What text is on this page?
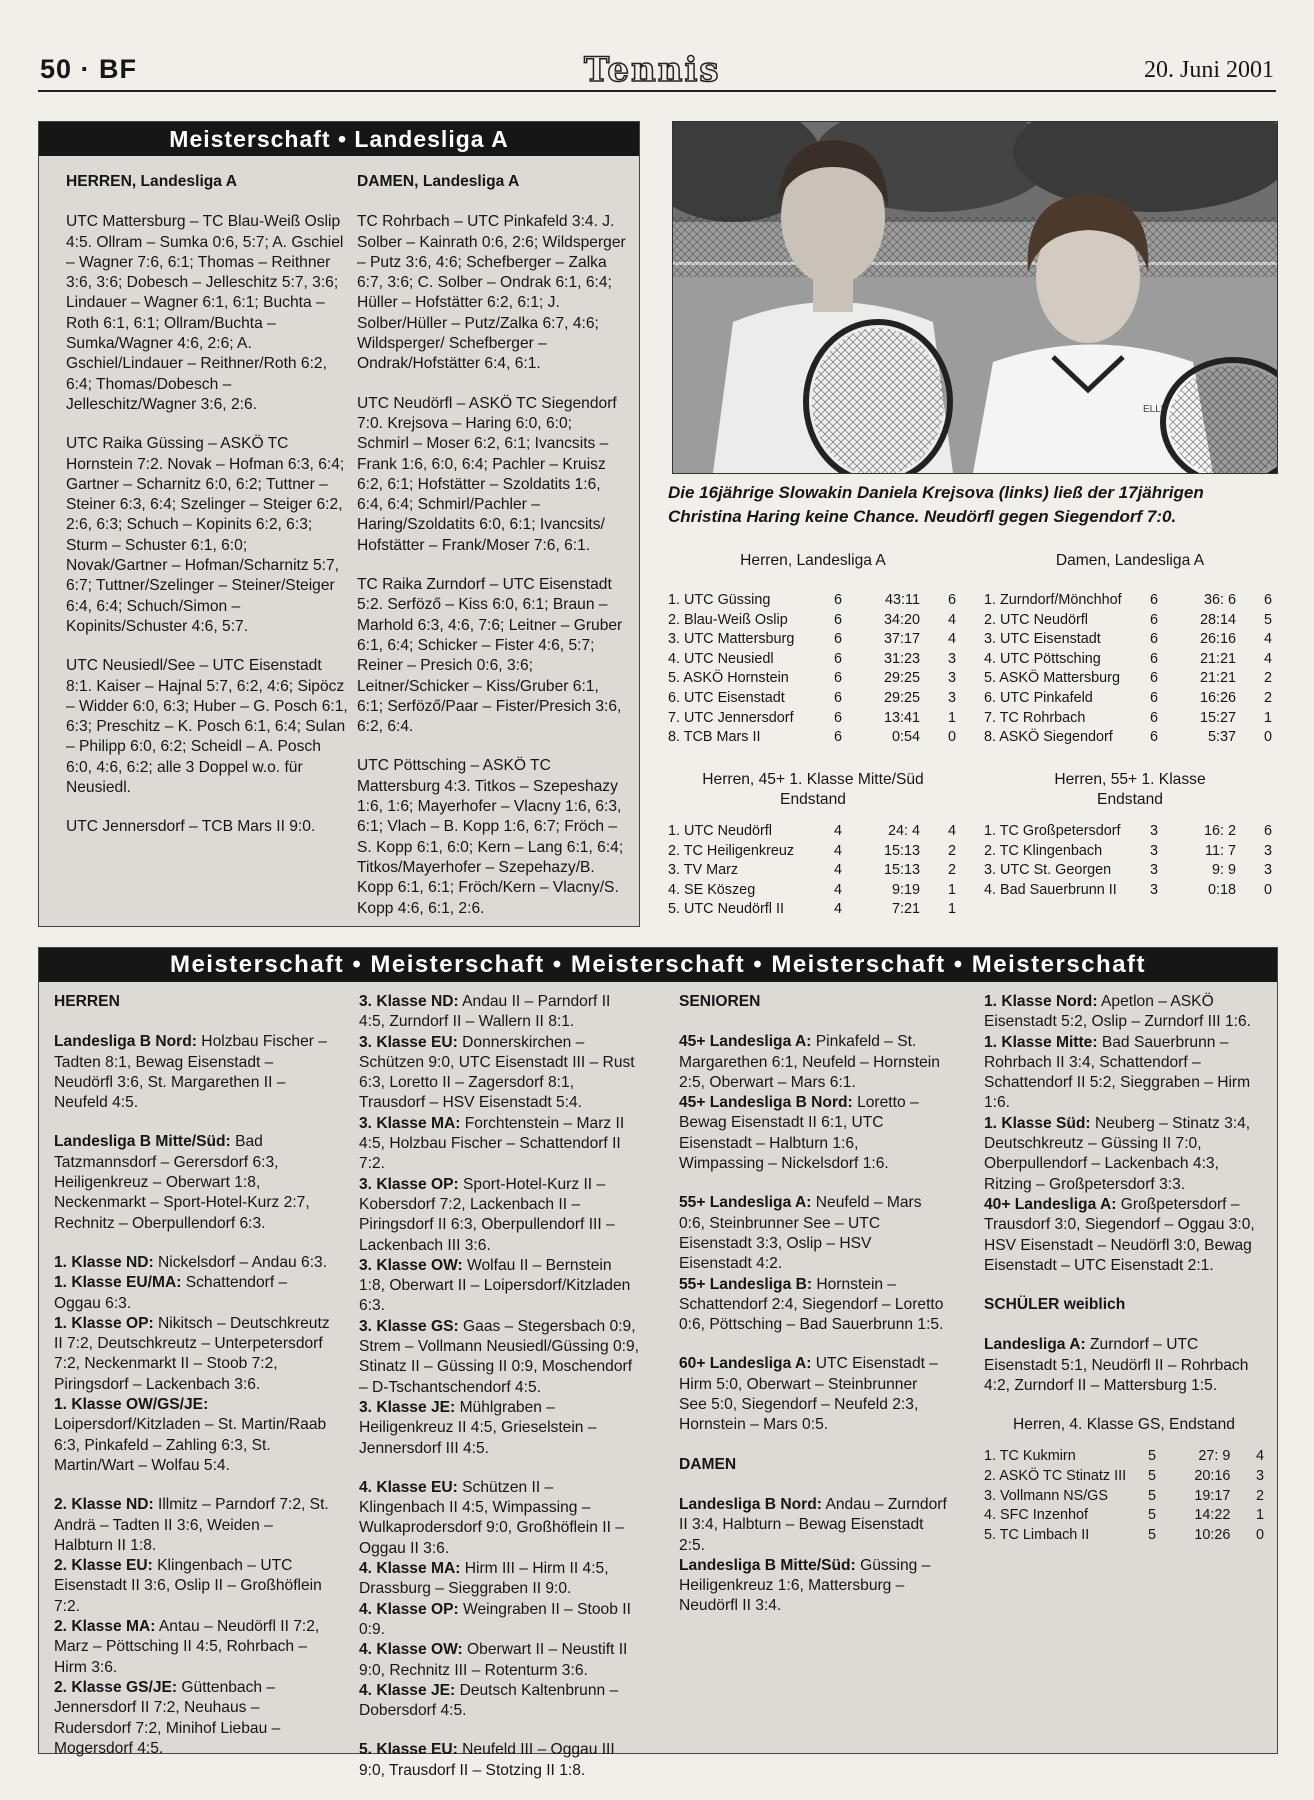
50 · BF	Tennis	20. Juni 2001
Meisterschaft • Landesliga A
HERREN, Landesliga A

UTC Mattersburg – TC Blau-Weiß Oslip 4:5. Ollram – Sumka 0:6, 5:7; A. Gschiel – Wagner 7:6, 6:1; Thomas – Reithner 3:6, 3:6; Dobesch – Jelleschitz 5:7, 3:6; Lindauer – Wagner 6:1, 6:1; Buchta – Roth 6:1, 6:1; Ollram/Buchta – Sumka/Wagner 4:6, 2:6; A. Gschiel/Lindauer – Reithner/Roth 6:2, 6:4; Thomas/Dobesch – Jelleschitz/Wagner 3:6, 2:6.

UTC Raika Güssing – ASKÖ TC Hornstein 7:2. Novak – Hofman 6:3, 6:4; Gartner – Scharnitz 6:0, 6:2; Tuttner – Steiner 6:3, 6:4; Szelinger – Steiger 6:2, 2:6, 6:3; Schuch – Kopinits 6:2, 6:3; Sturm – Schuster 6:1, 6:0; Novak/Gartner – Hofman/Scharnitz 5:7, 6:7; Tuttner/Szelinger – Steiner/Steiger 6:4, 6:4; Schuch/Simon – Kopinits/Schuster 4:6, 5:7.

UTC Neusiedl/See – UTC Eisenstadt 8:1. Kaiser – Hajnal 5:7, 6:2, 4:6; Sipöcz – Widder 6:0, 6:3; Huber – G. Posch 6:1, 6:3; Preschitz – K. Posch 6:1, 6:4; Sulan – Philipp 6:0, 6:2; Scheidl – A. Posch 6:0, 4:6, 6:2; alle 3 Doppel w.o. für Neusiedl.

UTC Jennersdorf – TCB Mars II 9:0.

DAMEN, Landesliga A

TC Rohrbach – UTC Pinkafeld 3:4. J. Solber – Kainrath 0:6, 2:6; Wildsperger – Putz 3:6, 4:6; Schefberger – Zalka 6:7, 3:6; C. Solber – Ondrak 6:1, 6:4; Hüller – Hofstätter 6:2, 6:1; J. Solber/Hüller – Putz/Zalka 6:7, 4:6; Wildsperger/ Schefberger – Ondrak/Hofstätter 6:4, 6:1.

UTC Neudörfl – ASKÖ TC Siegendorf 7:0. Krejsova – Haring 6:0, 6:0; Schmirl – Moser 6:2, 6:1; Ivancsits – Frank 1:6, 6:0, 6:4; Pachler – Kruisz 6:2, 6:1; Hofstätter – Szoldatits 1:6, 6:4, 6:4; Schmirl/Pachler – Haring/Szoldatits 6:0, 6:1; Ivancsits/ Hofstätter – Frank/Moser 7:6, 6:1.

TC Raika Zurndorf – UTC Eisenstadt 5:2. Serföző – Kiss 6:0, 6:1; Braun – Marhold 6:3, 4:6, 7:6; Leitner – Gruber 6:1, 6:4; Schicker – Fister 4:6, 5:7; Reiner – Presich 0:6, 3:6; Leitner/Schicker – Kiss/Gruber 6:1, 6:1; Serföző/Paar – Fister/Presich 3:6, 6:2, 6:4.

UTC Pöttsching – ASKÖ TC Mattersburg 4:3. Titkos – Szepeshazy 1:6, 1:6; Mayerhofer – Vlacny 1:6, 6:3, 6:1; Vlach – B. Kopp 1:6, 6:7; Fröch – S. Kopp 6:1, 6:0; Kern – Lang 6:1, 6:4; Titkos/Mayerhofer – Szepehazy/B. Kopp 6:1, 6:1; Fröch/Kern – Vlacny/S. Kopp 4:6, 6:1, 2:6.

ELLE
Die 16jährige Slowakin Daniela Krejsova (links) ließ der 17jährigen Christina Haring keine Chance. Neudörfl gegen Siegendorf 7:0.
Herren, Landesliga A
1. UTC Güssing	6	43:11	6
2. Blau-Weiß Oslip	6	34:20	4
3. UTC Mattersburg	6	37:17	4
4. UTC Neusiedl	6	31:23	3
5. ASKÖ Hornstein	6	29:25	3
6. UTC Eisenstadt	6	29:25	3
7. UTC Jennersdorf	6	13:41	1
8. TCB Mars II	6	0:54	0
Damen, Landesliga A
1. Zurndorf/Mönchhof	6	36: 6	6
2. UTC Neudörfl	6	28:14	5
3. UTC Eisenstadt	6	26:16	4
4. UTC Pöttsching	6	21:21	4
5. ASKÖ Mattersburg	6	21:21	2
6. UTC Pinkafeld	6	16:26	2
7. TC Rohrbach	6	15:27	1
8. ASKÖ Siegendorf	6	5:37	0
Herren, 45+ 1. Klasse Mitte/Süd Endstand
1. UTC Neudörfl	4	24: 4	4
2. TC Heiligenkreuz	4	15:13	2
3. TV Marz	4	15:13	2
4. SE Köszeg	4	9:19	1
5. UTC Neudörfl II	4	7:21	1
Herren, 55+ 1. Klasse Endstand
1. TC Großpetersdorf	3	16: 2	6
2. TC Klingenbach	3	11: 7	3
3. UTC St. Georgen	3	9: 9	3
4. Bad Sauerbrunn II	3	0:18	0
Meisterschaft • Meisterschaft • Meisterschaft • Meisterschaft • Meisterschaft
HERREN

Landesliga B Nord: Holzbau Fischer – Tadten 8:1, Bewag Eisenstadt – Neudörfl 3:6, St. Margarethen II – Neufeld 4:5.

Landesliga B Mitte/Süd: Bad Tatzmannsdorf – Gerersdorf 6:3, Heiligenkreuz – Oberwart 1:8, Neckenmarkt – Sport-Hotel-Kurz 2:7, Rechnitz – Oberpullendorf 6:3.

1. Klasse ND: Nickelsdorf – Andau 6:3.

1. Klasse EU/MA: Schattendorf – Oggau 6:3.

1. Klasse OP: Nikitsch – Deutschkreutz II 7:2, Deutschkreutz – Unterpetersdorf 7:2, Neckenmarkt II – Stoob 7:2, Piringsdorf – Lackenbach 3:6.

1. Klasse OW/GS/JE: Loipersdorf/Kitzladen – St. Martin/Raab 6:3, Pinkafeld – Zahling 6:3, St. Martin/Wart – Wolfau 5:4.

2. Klasse ND: Illmitz – Parndorf 7:2, St. Andrä – Tadten II 3:6, Weiden – Halbturn II 1:8.

2. Klasse EU: Klingenbach – UTC Eisenstadt II 3:6, Oslip II – Großhöflein 7:2.

2. Klasse MA: Antau – Neudörfl II 7:2, Marz – Pöttsching II 4:5, Rohrbach – Hirm 3:6.

2. Klasse GS/JE: Güttenbach – Jennersdorf II 7:2, Neuhaus – Rudersdorf 7:2, Minihof Liebau – Mogersdorf 4:5.

3. Klasse ND: Andau II – Parndorf II 4:5, Zurndorf II – Wallern II 8:1.

3. Klasse EU: Donnerskirchen – Schützen 9:0, UTC Eisenstadt III – Rust 6:3, Loretto II – Zagersdorf 8:1, Trausdorf – HSV Eisenstadt 5:4.

3. Klasse MA: Forchtenstein – Marz II 4:5, Holzbau Fischer – Schattendorf II 7:2.

3. Klasse OP: Sport-Hotel-Kurz II – Kobersdorf 7:2, Lackenbach II – Piringsdorf II 6:3, Oberpullendorf III – Lackenbach III 3:6.

3. Klasse OW: Wolfau II – Bernstein 1:8, Oberwart II – Loipersdorf/Kitzladen 6:3.

3. Klasse GS: Gaas – Stegersbach 0:9, Strem – Vollmann Neusiedl/Güssing 0:9, Stinatz II – Güssing II 0:9, Moschendorf – D-Tschantschendorf 4:5.

3. Klasse JE: Mühlgraben – Heiligenkreuz II 4:5, Grieselstein – Jennersdorf III 4:5.

4. Klasse EU: Schützen II – Klingenbach II 4:5, Wimpassing – Wulkaprodersdorf 9:0, Großhöflein II – Oggau II 3:6.

4. Klasse MA: Hirm III – Hirm II 4:5, Drassburg – Sieggraben II 9:0.

4. Klasse OP: Weingraben II – Stoob II 0:9.

4. Klasse OW: Oberwart II – Neustift II 9:0, Rechnitz III – Rotenturm 3:6.

4. Klasse JE: Deutsch Kaltenbrunn – Dobersdorf 4:5.

5. Klasse EU: Neufeld III – Oggau III 9:0, Trausdorf II – Stotzing II 1:8.

SENIOREN

45+ Landesliga A: Pinkafeld – St. Margarethen 6:1, Neufeld – Hornstein 2:5, Oberwart – Mars 6:1.

45+ Landesliga B Nord: Loretto – Bewag Eisenstadt II 6:1, UTC Eisenstadt – Halbturn 1:6, Wimpassing – Nickelsdorf 1:6.

55+ Landesliga A: Neufeld – Mars 0:6, Steinbrunner See – UTC Eisenstadt 3:3, Oslip – HSV Eisenstadt 4:2.

55+ Landesliga B: Hornstein – Schattendorf 2:4, Siegendorf – Loretto 0:6, Pöttsching – Bad Sauerbrunn 1:5.

60+ Landesliga A: UTC Eisenstadt – Hirm 5:0, Oberwart – Steinbrunner See 5:0, Siegendorf – Neufeld 2:3, Hornstein – Mars 0:5.

DAMEN

Landesliga B Nord: Andau – Zurndorf II 3:4, Halbturn – Bewag Eisenstadt 2:5.

Landesliga B Mitte/Süd: Güssing – Heiligenkreuz 1:6, Mattersburg – Neudörfl II 3:4.

1. Klasse Nord: Apetlon – ASKÖ Eisenstadt 5:2, Oslip – Zurndorf III 1:6.

1. Klasse Mitte: Bad Sauerbrunn – Rohrbach II 3:4, Schattendorf – Schattendorf II 5:2, Sieggraben – Hirm 1:6.

1. Klasse Süd: Neuberg – Stinatz 3:4, Deutschkreutz – Güssing II 7:0, Oberpullendorf – Lackenbach 4:3, Ritzing – Großpetersdorf 3:3.

40+ Landesliga A: Großpetersdorf – Trausdorf 3:0, Siegendorf – Oggau 3:0, HSV Eisenstadt – Neudörfl 3:0, Bewag Eisenstadt – UTC Eisenstadt 2:1.

SCHÜLER weiblich

Landesliga A: Zurndorf – UTC Eisenstadt 5:1, Neudörfl II – Rohrbach 4:2, Zurndorf II – Mattersburg 1:5.

Herren, 4. Klasse GS, Endstand
1. TC Kukmirn	5	27: 9	4
2. ASKÖ TC Stinatz III	5	20:16	3
3. Vollmann NS/GS	5	19:17	2
4. SFC Inzenhof	5	14:22	1
5. TC Limbach II	5	10:26	0
